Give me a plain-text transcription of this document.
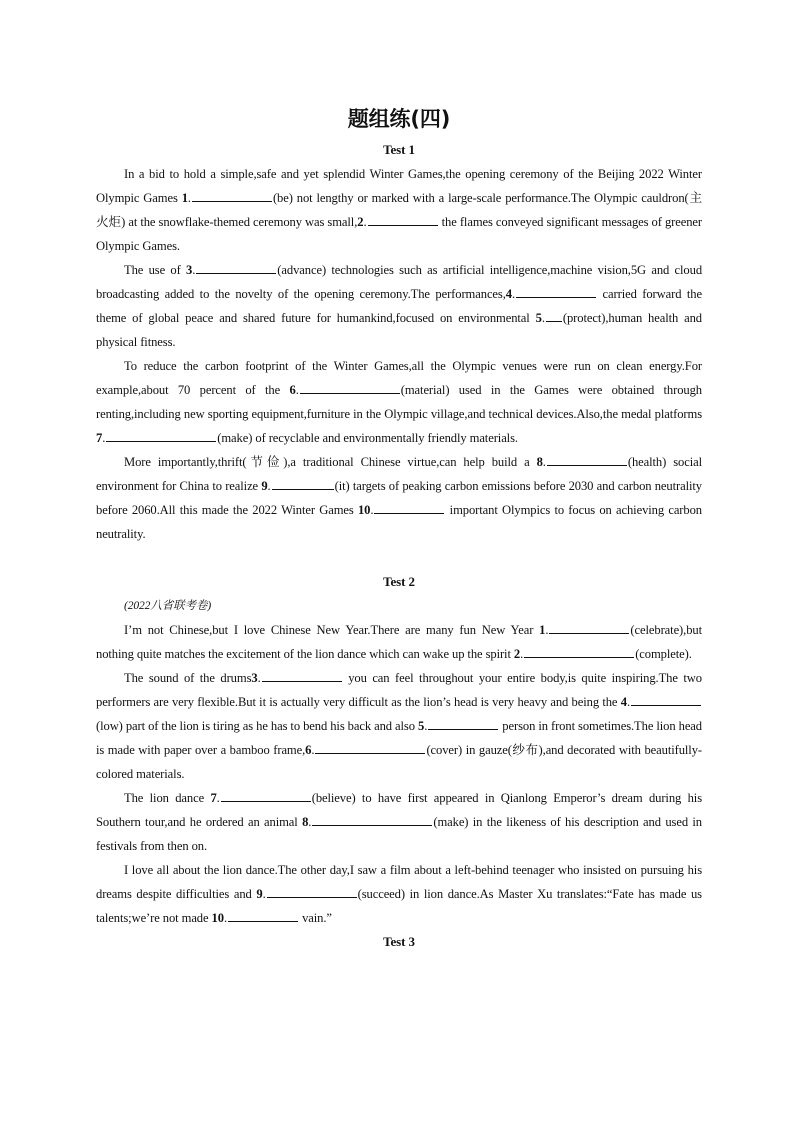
题组练(四)
Test 1

In a bid to hold a simple,safe and yet splendid Winter Games,the opening ceremony of the Beijing 2022 Winter Olympic Games 1.	(be) not lengthy or marked with a large-scale performance.The Olympic cauldron(主火炬) at the snowflake-themed ceremony was small,2.	the flames conveyed significant messages of greener Olympic Games.

The use of 3.	(advance) technologies such as artificial intelligence,machine vision,5G and cloud broadcasting added to the novelty of the opening ceremony.The performances,4.	carried forward the theme of global peace and shared future for humankind,focused on environmental 5. (protect),human health and physical fitness.

To reduce the carbon footprint of the Winter Games,all the Olympic venues were run on clean energy.For example,about 70 percent of the 6.	(material) used in the Games were obtained through renting,including new sporting equipment,furniture in the Olympic village,and technical devices.Also,the medal platforms 7.	(make) of recyclable and environmentally friendly materials.

More importantly,thrift(节俭),a traditional Chinese virtue,can help build a 8.	(health) social environment for China to realize 9.	(it) targets of peaking carbon emissions before 2030 and carbon neutrality before 2060.All this made the 2022 Winter Games 10.	important Olympics to focus on achieving carbon neutrality.

Test 2

(2022八省联考卷)

I’m not Chinese,but I love Chinese New Year.There are many fun New Year 1.	(celebrate),but nothing quite matches the excitement of the lion dance which can wake up the spirit 2.	(complete).

The sound of the drums3.	you can feel throughout your entire body,is quite inspiring.The two performers are very flexible.But it is actually very difficult as the lion’s head is very heavy and being the 4.(low) part of the lion is tiring as he has to bend his back and also 5.	person in front sometimes.The lion head is made with paper over a bamboo frame,6.	(cover) in gauze(纱布),and decorated with beautifully-colored materials.

The lion dance 7.	(believe) to have first appeared in Qianlong Emperor’s dream during his Southern tour,and he ordered an animal 8.	(make) in the likeness of his description and used in festivals from then on.

I love all about the lion dance.The other day,I saw a film about a left-behind teenager who insisted on pursuing his dreams despite difficulties and 9.	(succeed) in lion dance.As Master Xu translates:“Fate has made us talents;we’re not made 10.	vain.”

Test 3
